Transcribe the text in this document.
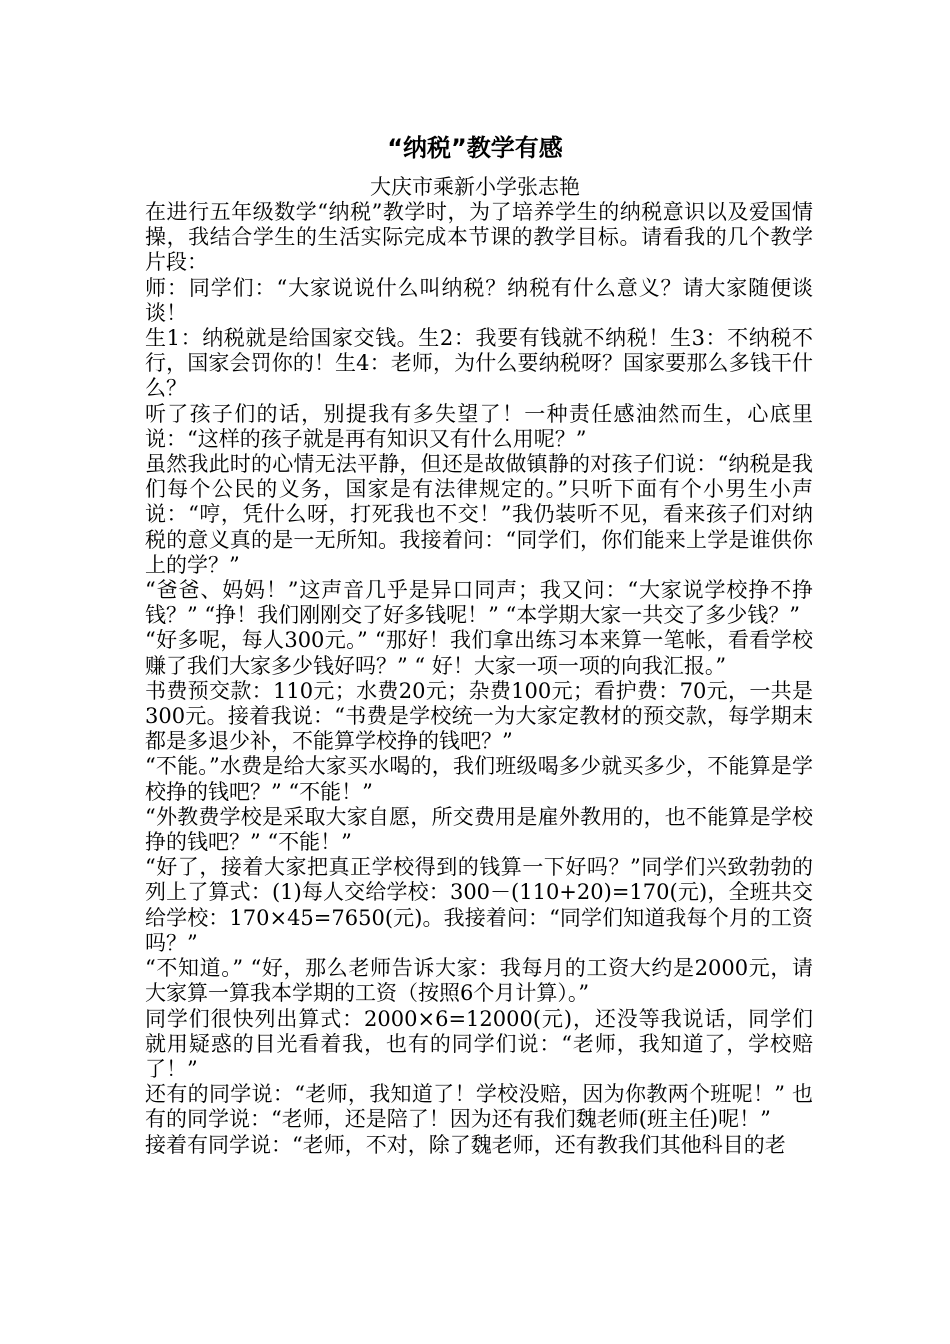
“纳税”教学有感
大庆市乘新小学张志艳

在进行五年级数学“纳税”教学时，为了培养学生的纳税意识以及爱国情操，我结合学生的生活实际完成本节课的教学目标。请看我的几个教学片段：

师：同学们：“大家说说什么叫纳税？纳税有什么意义？请大家随便谈谈！

生1：纳税就是给国家交钱。生2：我要有钱就不纳税！生3：不纳税不行，国家会罚你的！生4：老师，为什么要纳税呀？国家要那么多钱干什么？

听了孩子们的话，别提我有多失望了！一种责任感油然而生，心底里说：“这样的孩子就是再有知识又有什么用呢？”

虽然我此时的心情无法平静，但还是故做镇静的对孩子们说：“纳税是我们每个公民的义务，国家是有法律规定的。”只听下面有个小男生小声说：“哼，凭什么呀，打死我也不交！”我仍装听不见，看来孩子们对纳税的意义真的是一无所知。我接着问：“同学们，你们能来上学是谁供你上的学？”

“爸爸、妈妈！”这声音几乎是异口同声；我又问：“大家说学校挣不挣钱？” “挣！我们刚刚交了好多钱呢！” “本学期大家一共交了多少钱？”

“好多呢，每人300元。” “那好！我们拿出练习本来算一笔帐，看看学校赚了我们大家多少钱好吗？” “ 好！大家一项一项的向我汇报。”

书费预交款：110元；水费20元；杂费100元；看护费：70元，一共是300元。接着我说：“书费是学校统一为大家定教材的预交款，每学期末都是多退少补，不能算学校挣的钱吧？”

“不能。”水费是给大家买水喝的，我们班级喝多少就买多少，不能算是学校挣的钱吧？” “不能！”

“外教费学校是采取大家自愿，所交费用是雇外教用的，也不能算是学校挣的钱吧？” “不能！”

“好了，接着大家把真正学校得到的钱算一下好吗？”同学们兴致勃勃的列上了算式：(1)每人交给学校：300－(110+20)=170(元)，全班共交给学校：170×45=7650(元)。我接着问：“同学们知道我每个月的工资吗？”

“不知道。” “好，那么老师告诉大家：我每月的工资大约是2000元，请大家算一算我本学期的工资（按照6个月计算）。”

同学们很快列出算式：2000×6=12000(元)，还没等我说话，同学们就用疑惑的目光看着我，也有的同学们说：“老师，我知道了，学校赔了！”

还有的同学说：“老师，我知道了！学校没赔，因为你教两个班呢！” 也有的同学说：“老师，还是陪了！因为还有我们魏老师(班主任)呢！”

接着有同学说：“老师，不对，除了魏老师，还有教我们其他科目的老
